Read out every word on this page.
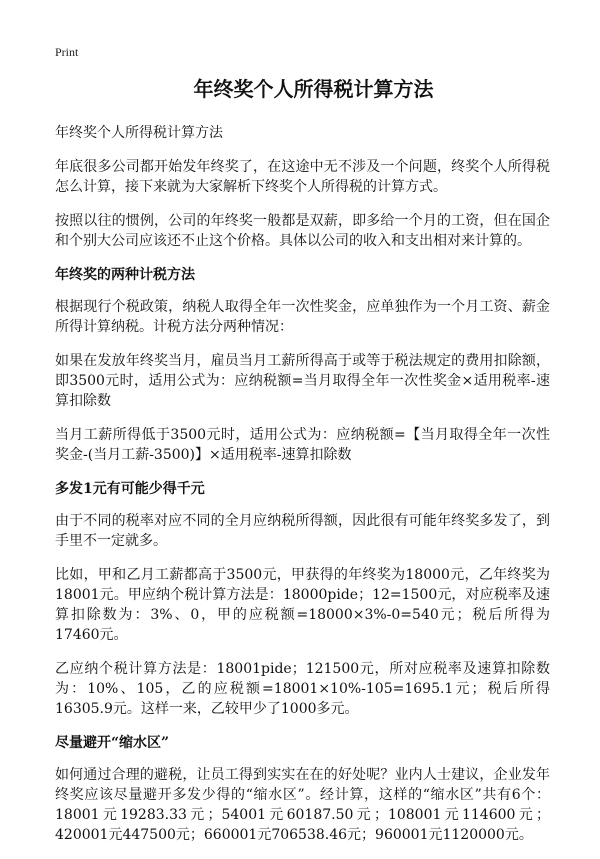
Print
年终奖个人所得税计算方法

年终奖个人所得税计算方法

年底很多公司都开始发年终奖了，在这途中无不涉及一个问题，终奖个人所得税怎么计算，接下来就为大家解析下终奖个人所得税的计算方式。

按照以往的惯例，公司的年终奖一般都是双薪，即多给一个月的工资，但在国企和个别大公司应该还不止这个价格。具体以公司的收入和支出相对来计算的。

年终奖的两种计税方法

根据现行个税政策，纳税人取得全年一次性奖金，应单独作为一个月工资、薪金所得计算纳税。计税方法分两种情况：

如果在发放年终奖当月，雇员当月工薪所得高于或等于税法规定的费用扣除额，即3500元时，适用公式为：应纳税额=当月取得全年一次性奖金×适用税率-速算扣除数

当月工薪所得低于3500元时，适用公式为：应纳税额=【当月取得全年一次性奖金-(当月工薪-3500)】×适用税率-速算扣除数

多发1元有可能少得千元

由于不同的税率对应不同的全月应纳税所得额，因此很有可能年终奖多发了，到手里不一定就多。

比如，甲和乙月工薪都高于3500元，甲获得的年终奖为18000元，乙年终奖为18001元。甲应纳个税计算方法是：18000pide；12=1500元，对应税率及速算扣除数为：3%、0，甲的应税额=18000×3%-0=540元；税后所得为17460元。

乙应纳个税计算方法是：18001pide；121500元，所对应税率及速算扣除数为：10%、105，乙的应税额=18001×10%-105=1695.1元；税后所得16305.9元。这样一来，乙较甲少了1000多元。

尽量避开“缩水区”

如何通过合理的避税，让员工得到实实在在的好处呢？业内人士建议，企业发年终奖应该尽量避开多发少得的“缩水区”。经计算，这样的“缩水区”共有6个：18001元19283.33元；54001元60187.50元；108001元114600元；420001元447500元；660001元706538.46元；960001元1120000元。
